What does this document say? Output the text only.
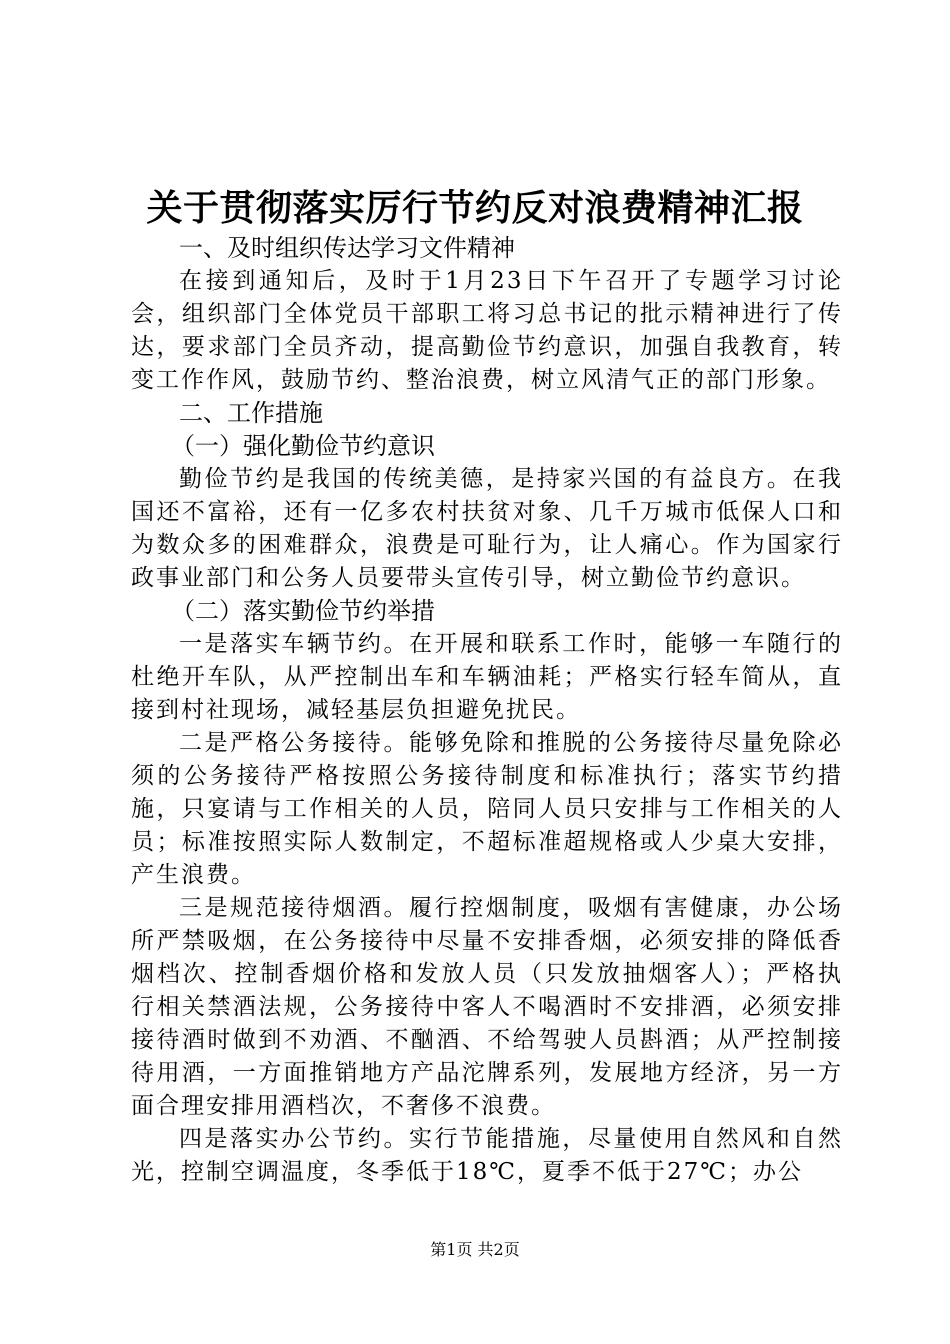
关于贯彻落实厉行节约反对浪费精神汇报

一、及时组织传达学习文件精神

在接到通知后，及时于1月23日下午召开了专题学习讨论会，组织部门全体党员干部职工将习总书记的批示精神进行了传达，要求部门全员齐动，提高勤俭节约意识，加强自我教育，转变工作作风，鼓励节约、整治浪费，树立风清气正的部门形象。

二、工作措施

（一）强化勤俭节约意识

勤俭节约是我国的传统美德，是持家兴国的有益良方。在我国还不富裕，还有一亿多农村扶贫对象、几千万城市低保人口和为数众多的困难群众，浪费是可耻行为，让人痛心。作为国家行政事业部门和公务人员要带头宣传引导，树立勤俭节约意识。

（二）落实勤俭节约举措

一是落实车辆节约。在开展和联系工作时，能够一车随行的杜绝开车队，从严控制出车和车辆油耗；严格实行轻车简从，直接到村社现场，减轻基层负担避免扰民。

二是严格公务接待。能够免除和推脱的公务接待尽量免除必须的公务接待严格按照公务接待制度和标准执行；落实节约措施，只宴请与工作相关的人员，陪同人员只安排与工作相关的人员；标准按照实际人数制定，不超标准超规格或人少桌大安排，产生浪费。

三是规范接待烟酒。履行控烟制度，吸烟有害健康，办公场所严禁吸烟，在公务接待中尽量不安排香烟，必须安排的降低香烟档次、控制香烟价格和发放人员（只发放抽烟客人）；严格执行相关禁酒法规，公务接待中客人不喝酒时不安排酒，必须安排接待酒时做到不劝酒、不酗酒、不给驾驶人员斟酒；从严控制接待用酒，一方面推销地方产品沱牌系列，发展地方经济，另一方面合理安排用酒档次，不奢侈不浪费。

四是落实办公节约。实行节能措施，尽量使用自然风和自然光，控制空调温度，冬季低于18℃，夏季不低于27℃；办公

第1页 共2页
